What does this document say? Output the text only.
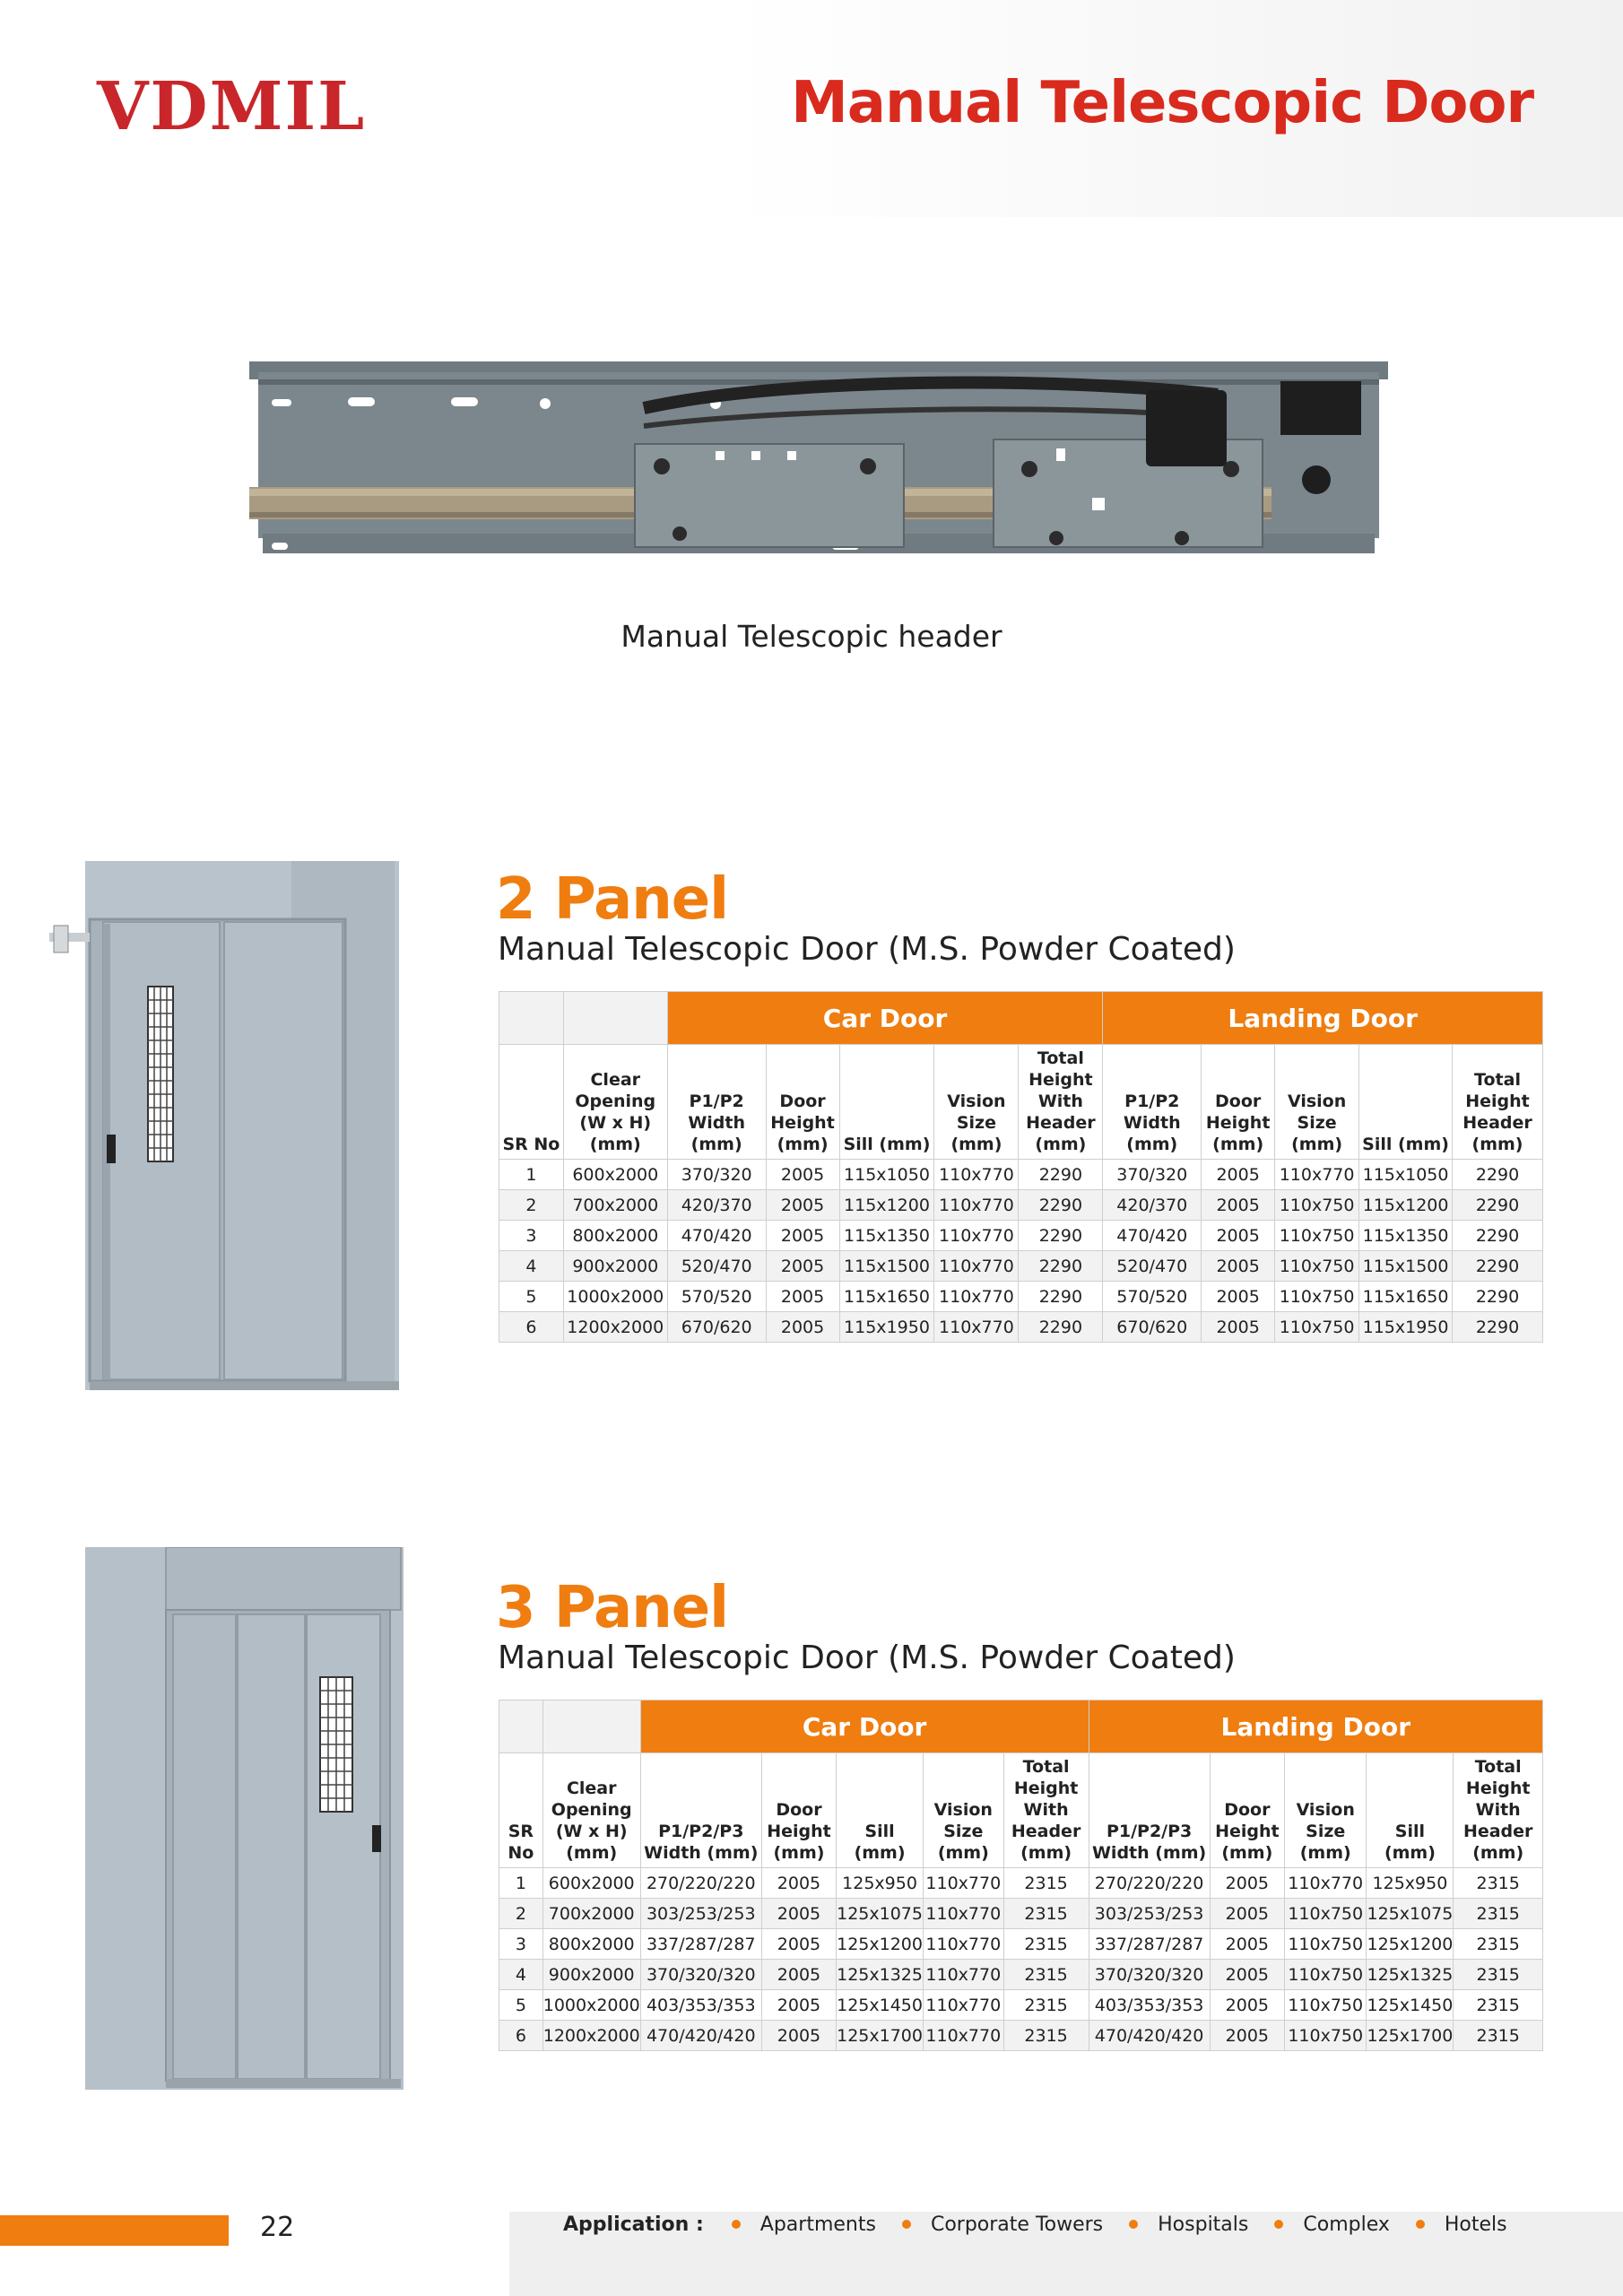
VDMIL	Manual Telescopic Door
Manual Telescopic header
2 Panel
Manual Telescopic Door (M.S. Powder Coated)
		Car Door					Landing Door				
SR No	Clear Opening (W x H) (mm)	P1/P2 Width (mm)	Door Height (mm)	Sill (mm)	Vision Size (mm)	Total Height With Header (mm)	P1/P2 Width (mm)	Door Height (mm)	Vision Size (mm)	Sill (mm)	Total Height Header (mm)
1	600x2000	370/320	2005	115x1050	110x770	2290	370/320	2005	110x770	115x1050	2290
2	700x2000	420/370	2005	115x1200	110x770	2290	420/370	2005	110x750	115x1200	2290
3	800x2000	470/420	2005	115x1350	110x770	2290	470/420	2005	110x750	115x1350	2290
4	900x2000	520/470	2005	115x1500	110x770	2290	520/470	2005	110x750	115x1500	2290
5	1000x2000	570/520	2005	115x1650	110x770	2290	570/520	2005	110x750	115x1650	2290
6	1200x2000	670/620	2005	115x1950	110x770	2290	670/620	2005	110x750	115x1950	2290
3 Panel
Manual Telescopic Door (M.S. Powder Coated)
		Car Door					Landing Door				
SR No	Clear Opening (W x H) (mm)	P1/P2/P3 Width (mm)	Door Height (mm)	Sill (mm)	Vision Size (mm)	Total Height With Header (mm)	P1/P2/P3 Width (mm)	Door Height (mm)	Vision Size (mm)	Sill (mm)	Total Height With Header (mm)
1	600x2000	270/220/220	2005	125x950	110x770	2315	270/220/220	2005	110x770	125x950	2315
2	700x2000	303/253/253	2005	125x1075	110x770	2315	303/253/253	2005	110x750	125x1075	2315
3	800x2000	337/287/287	2005	125x1200	110x770	2315	337/287/287	2005	110x750	125x1200	2315
4	900x2000	370/320/320	2005	125x1325	110x770	2315	370/320/320	2005	110x750	125x1325	2315
5	1000x2000	403/353/353	2005	125x1450	110x770	2315	403/353/353	2005	110x750	125x1450	2315
6	1200x2000	470/420/420	2005	125x1700	110x770	2315	470/420/420	2005	110x750	125x1700	2315
22	Application :	Apartments	Corporate Towers	Hospitals	Complex	Hotels
